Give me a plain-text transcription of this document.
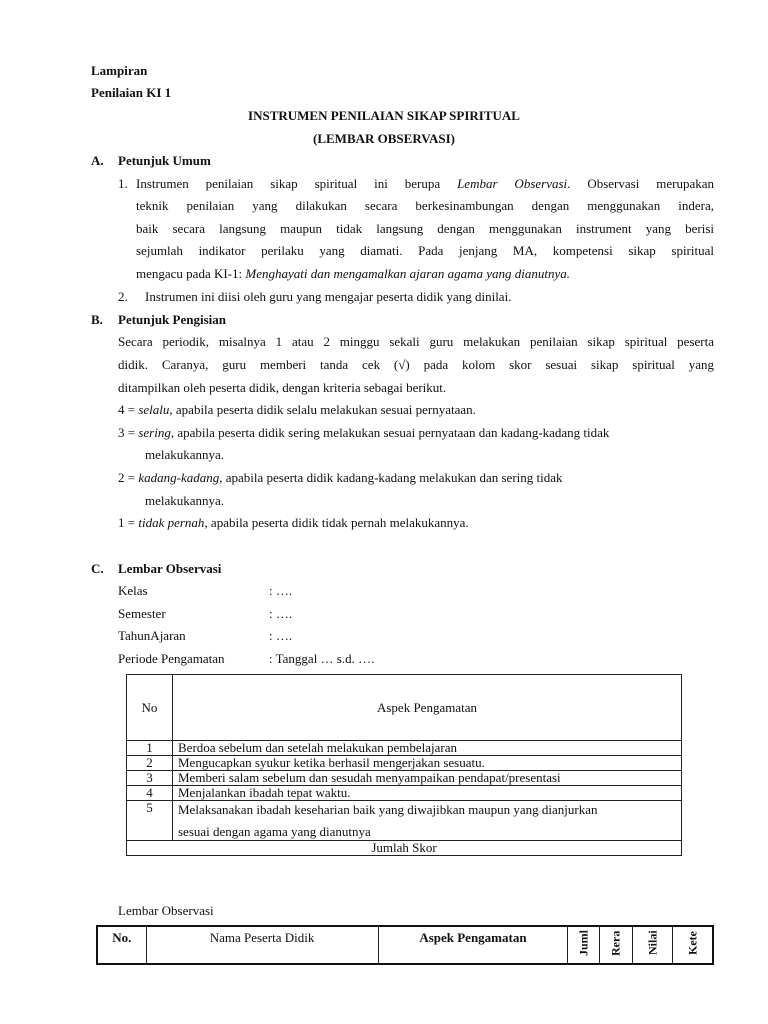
Lampiran
Penilaian KI 1
INSTRUMEN PENILAIAN SIKAP SPIRITUAL
(LEMBAR OBSERVASI)
A. Petunjuk Umum
1. Instrumen penilaian sikap spiritual ini berupa Lembar Observasi. Observasi merupakan
teknik penilaian yang dilakukan secara berkesinambungan dengan menggunakan indera,
baik secara langsung maupun tidak langsung dengan menggunakan instrument yang berisi
sejumlah indikator perilaku yang diamati. Pada jenjang MA, kompetensi sikap spiritual
mengacu pada KI-1: Menghayati dan mengamalkan ajaran agama yang dianutnya.
2. Instrumen ini diisi oleh guru yang mengajar peserta didik yang dinilai.
B. Petunjuk Pengisian
Secara periodik, misalnya 1 atau 2 minggu sekali guru melakukan penilaian sikap spiritual peserta
didik. Caranya, guru memberi tanda cek (√) pada kolom skor sesuai sikap spiritual yang
ditampilkan oleh peserta didik, dengan kriteria sebagai berikut.
4 = selalu, apabila peserta didik selalu melakukan sesuai pernyataan.
3 = sering, apabila peserta didik sering melakukan sesuai pernyataan dan kadang-kadang tidak
melakukannya.
2 = kadang-kadang, apabila peserta didik kadang-kadang melakukan dan sering tidak
melakukannya.
1 = tidak pernah, apabila peserta didik tidak pernah melakukannya.
C. Lembar Observasi
Kelas	: ….
Semester	: ….
TahunAjaran	: ….
Periode Pengamatan	: Tanggal … s.d. ….
No	Aspek Pengamatan
1	Berdoa sebelum dan setelah melakukan pembelajaran
2	Mengucapkan syukur ketika berhasil mengerjakan sesuatu.
3	Memberi salam sebelum dan sesudah menyampaikan pendapat/presentasi
4	Menjalankan ibadah tepat waktu.
5	Melaksanakan ibadah keseharian baik yang diwajibkan maupun yang dianjurkan
sesuai dengan agama yang dianutnya

Jumlah Skor	
Lembar Observasi
No.	Nama Peserta Didik	Aspek Pengamatan	Juml	Rera	Nilai	Kete
